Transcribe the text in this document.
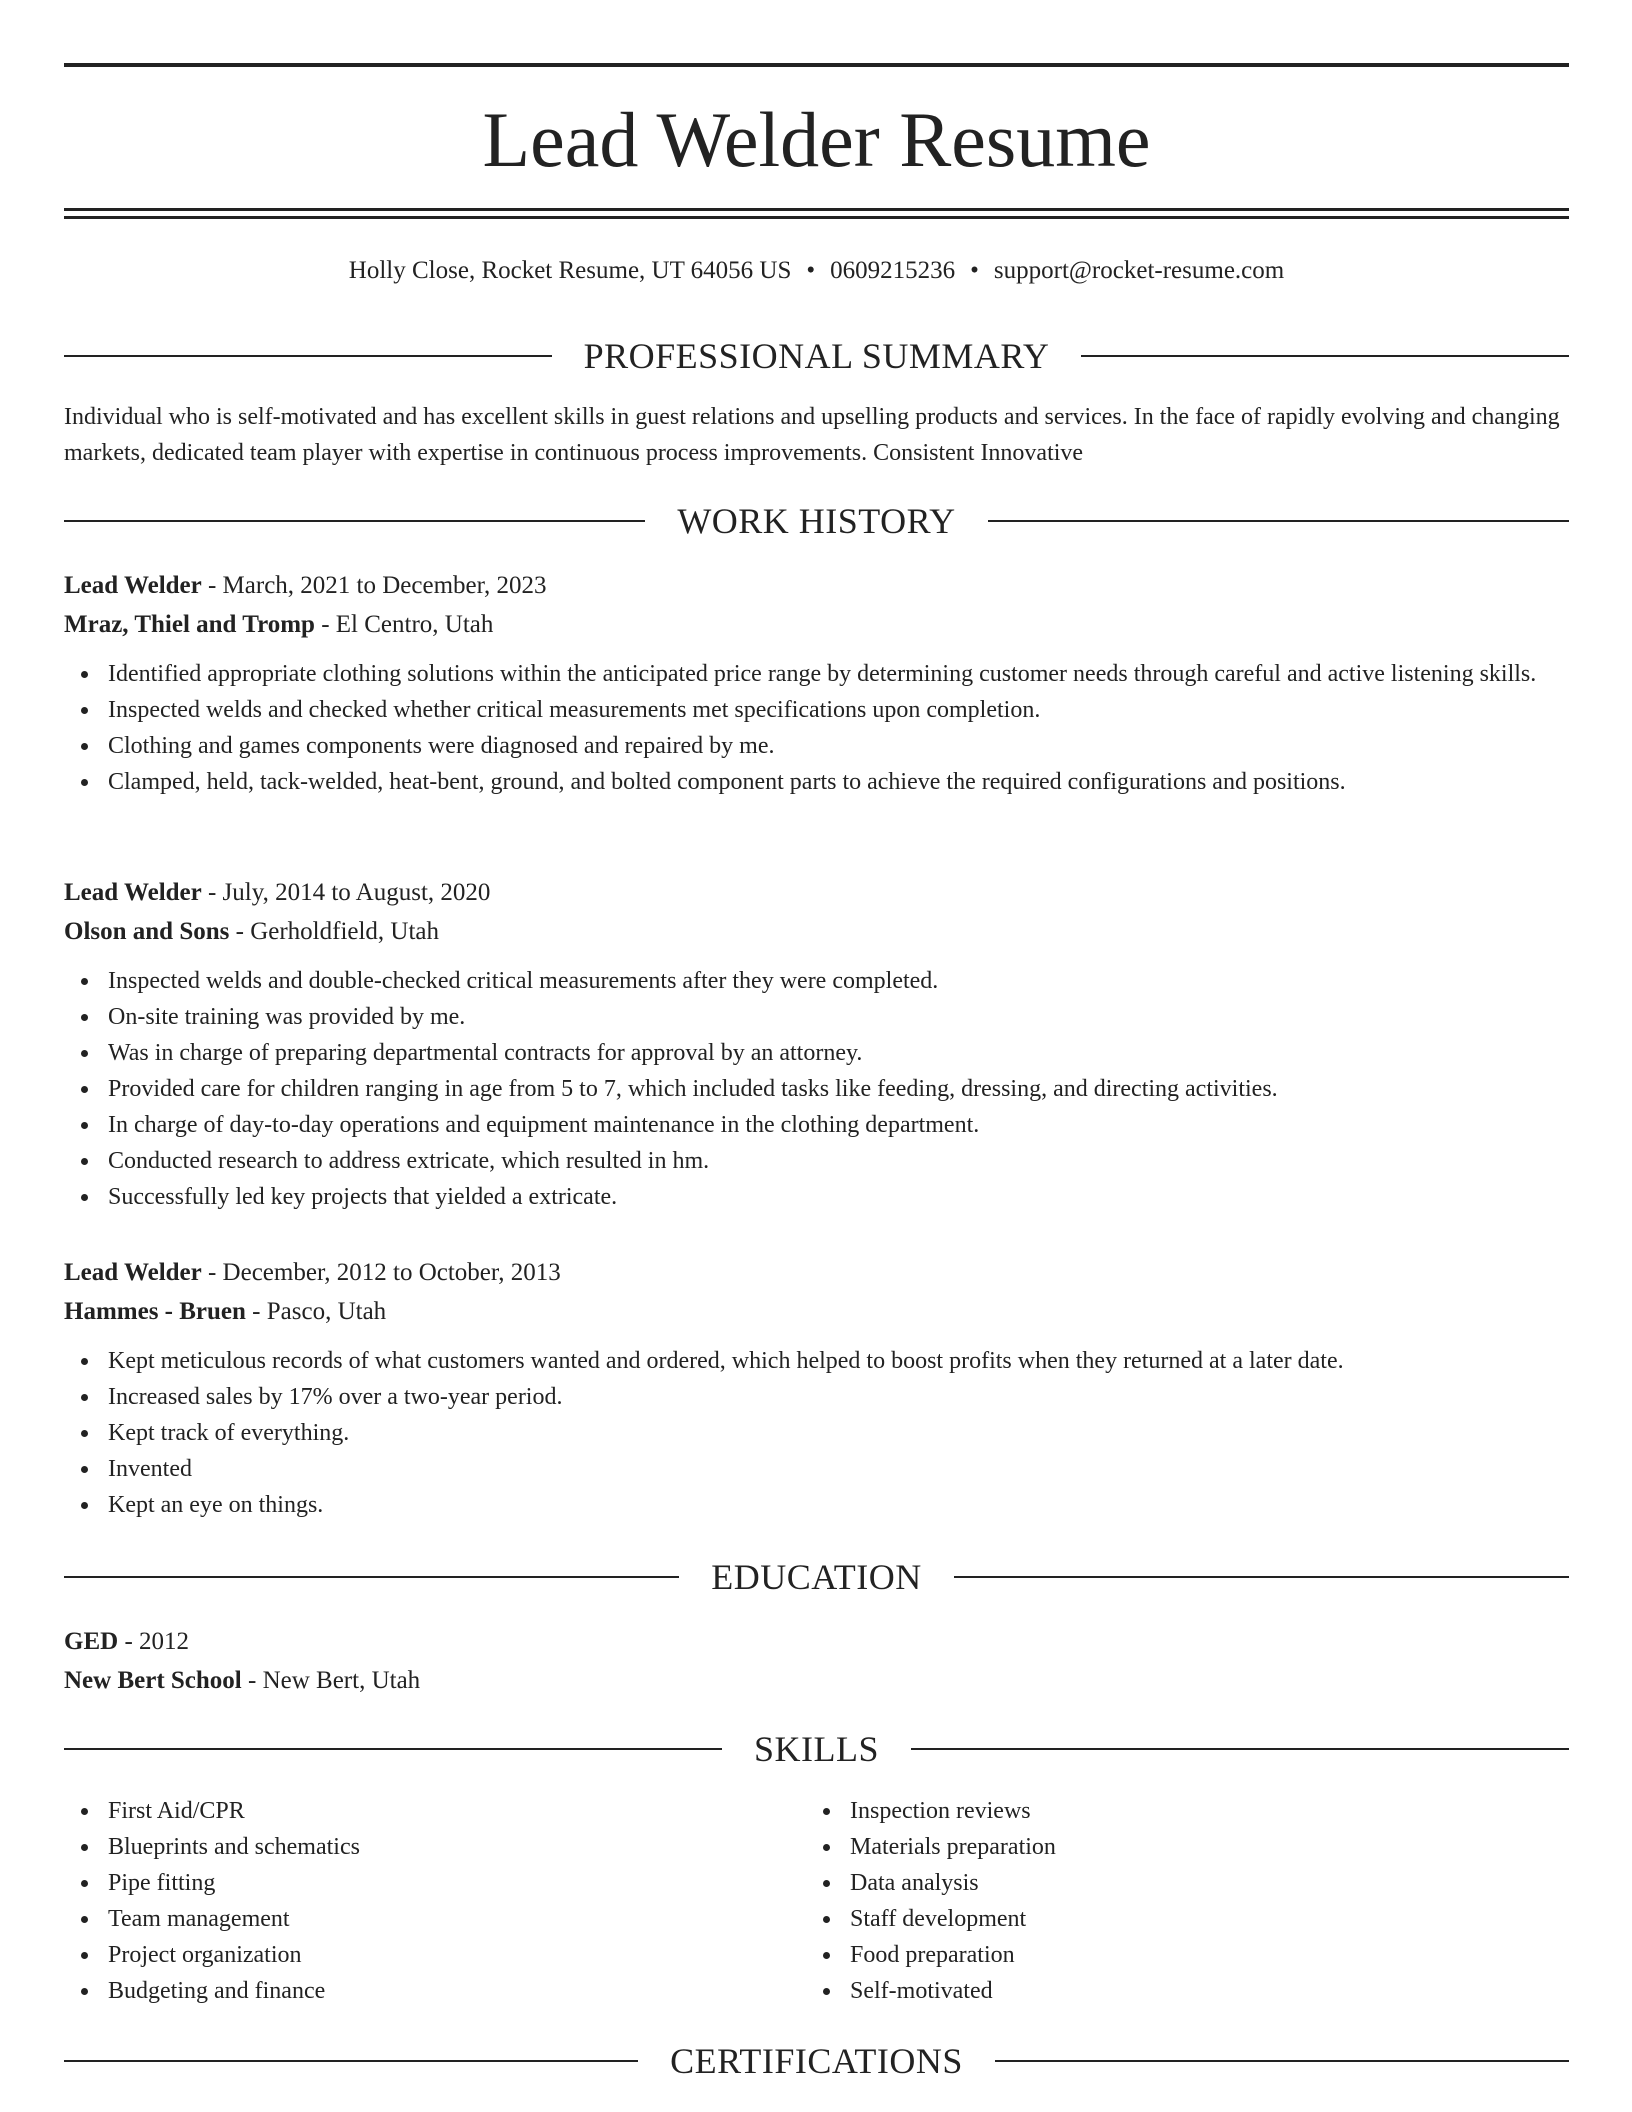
Lead Welder Resume
Holly Close, Rocket Resume, UT 64056 US • 0609215236 • support@rocket-resume.com
PROFESSIONAL SUMMARY
Individual who is self-motivated and has excellent skills in guest relations and upselling products and services. In the face of rapidly evolving and changing markets, dedicated team player with expertise in continuous process improvements. Consistent Innovative
WORK HISTORY
Lead Welder - March, 2021 to December, 2023
Mraz, Thiel and Tromp - El Centro, Utah
Identified appropriate clothing solutions within the anticipated price range by determining customer needs through careful and active listening skills.
Inspected welds and checked whether critical measurements met specifications upon completion.
Clothing and games components were diagnosed and repaired by me.
Clamped, held, tack-welded, heat-bent, ground, and bolted component parts to achieve the required configurations and positions.
Lead Welder - July, 2014 to August, 2020
Olson and Sons - Gerholdfield, Utah
Inspected welds and double-checked critical measurements after they were completed.
On-site training was provided by me.
Was in charge of preparing departmental contracts for approval by an attorney.
Provided care for children ranging in age from 5 to 7, which included tasks like feeding, dressing, and directing activities.
In charge of day-to-day operations and equipment maintenance in the clothing department.
Conducted research to address extricate, which resulted in hm.
Successfully led key projects that yielded a extricate.
Lead Welder - December, 2012 to October, 2013
Hammes - Bruen - Pasco, Utah
Kept meticulous records of what customers wanted and ordered, which helped to boost profits when they returned at a later date.
Increased sales by 17% over a two-year period.
Kept track of everything.
Invented
Kept an eye on things.
EDUCATION
GED - 2012
New Bert School - New Bert, Utah
SKILLS
First Aid/CPR
Blueprints and schematics
Pipe fitting
Team management
Project organization
Budgeting and finance
Inspection reviews
Materials preparation
Data analysis
Staff development
Food preparation
Self-motivated
CERTIFICATIONS
